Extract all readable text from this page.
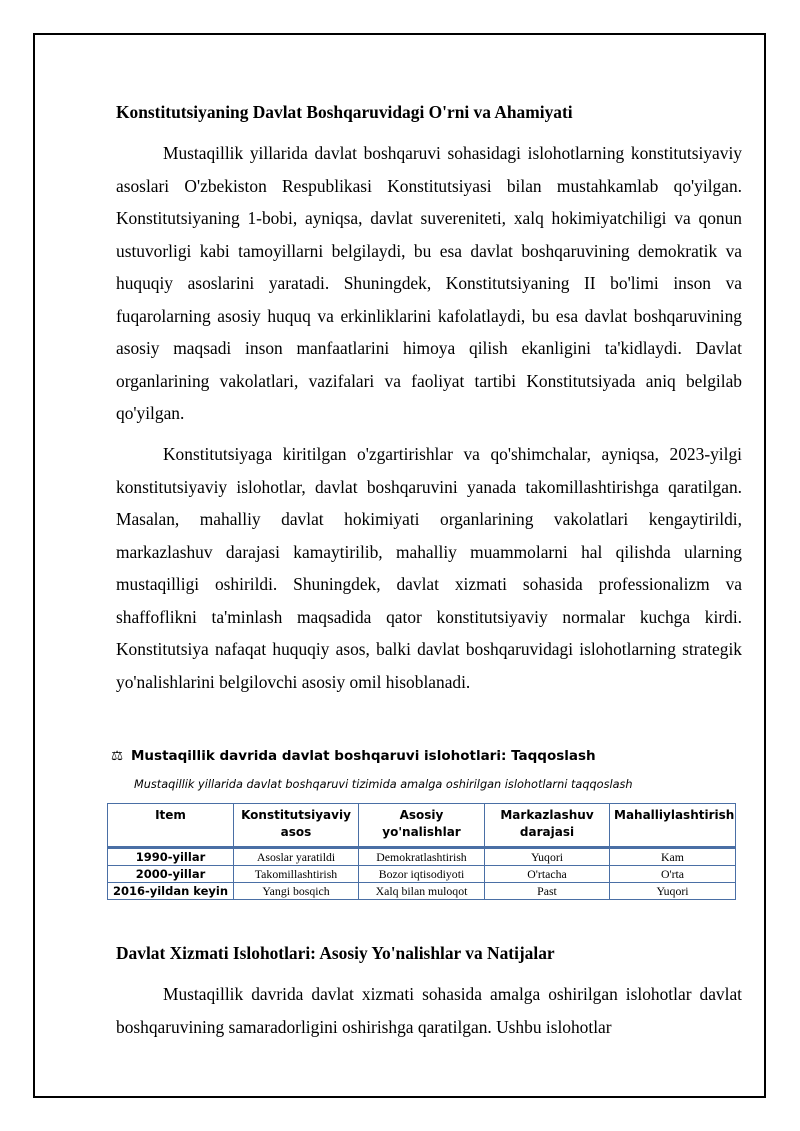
Konstitutsiyaning Davlat Boshqaruvidagi O'rni va Ahamiyati

Mustaqillik yillarida davlat boshqaruvi sohasidagi islohotlarning konstitutsiyaviy asoslari O'zbekiston Respublikasi Konstitutsiyasi bilan mustahkamlab qo'yilgan. Konstitutsiyaning 1-bobi, ayniqsa, davlat suvereniteti, xalq hokimiyatchiligi va qonun ustuvorligi kabi tamoyillarni belgilaydi, bu esa davlat boshqaruvining demokratik va huquqiy asoslarini yaratadi. Shuningdek, Konstitutsiyaning II bo'limi inson va fuqarolarning asosiy huquq va erkinliklarini kafolatlaydi, bu esa davlat boshqaruvining asosiy maqsadi inson manfaatlarini himoya qilish ekanligini ta'kidlaydi. Davlat organlarining vakolatlari, vazifalari va faoliyat tartibi Konstitutsiyada aniq belgilab qo'yilgan.

Konstitutsiyaga kiritilgan o'zgartirishlar va qo'shimchalar, ayniqsa, 2023-yilgi konstitutsiyaviy islohotlar, davlat boshqaruvini yanada takomillashtirishga qaratilgan. Masalan, mahalliy davlat hokimiyati organlarining vakolatlari kengaytirildi, markazlashuv darajasi kamaytirilib, mahalliy muammolarni hal qilishda ularning mustaqilligi oshirildi. Shuningdek, davlat xizmati sohasida professionalizm va shaffoflikni ta'minlash maqsadida qator konstitutsiyaviy normalar kuchga kirdi. Konstitutsiya nafaqat huquqiy asos, balki davlat boshqaruvidagi islohotlarning strategik yo'nalishlarini belgilovchi asosiy omil hisoblanadi.

⚖ Mustaqillik davrida davlat boshqaruvi islohotlari: Taqqoslash
Mustaqillik yillarida davlat boshqaruvi tizimida amalga oshirilgan islohotlarni taqqoslash
Item	Konstitutsiyaviy asos	Asosiy yo'nalishlar	Markazlashuv darajasi	Mahalliylashtirish
1990-yillar	Asoslar yaratildi	Demokratlashtirish	Yuqori	Kam
2000-yillar	Takomillashtirish	Bozor iqtisodiyoti	O'rtacha	O'rta
2016-yildan keyin	Yangi bosqich	Xalq bilan muloqot	Past	Yuqori
Davlat Xizmati Islohotlari: Asosiy Yo'nalishlar va Natijalar

Mustaqillik davrida davlat xizmati sohasida amalga oshirilgan islohotlar davlat boshqaruvining samaradorligini oshirishga qaratilgan. Ushbu islohotlar
